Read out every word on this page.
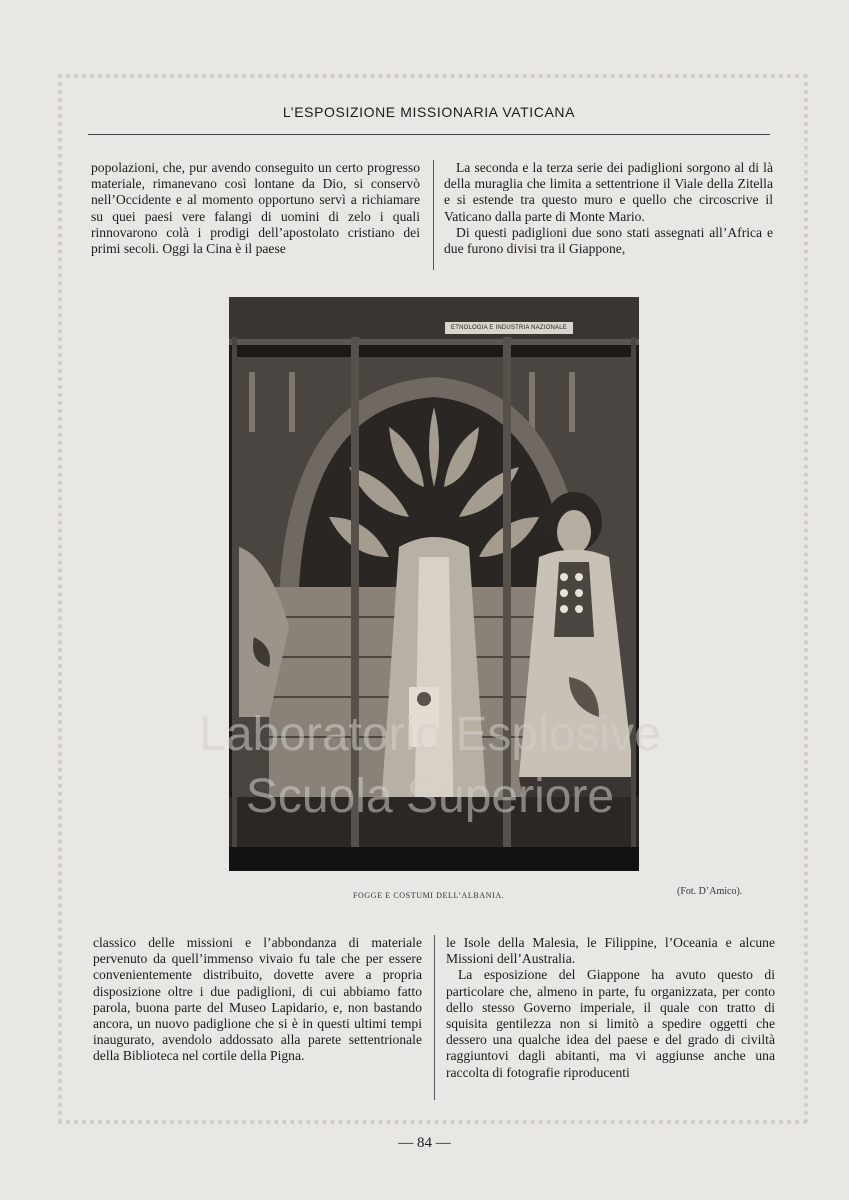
L’ESPOSIZIONE MISSIONARIA VATICANA

popolazioni, che, pur avendo conseguito un certo progresso materiale, rimanevano così lontane da Dio, si conservò nell’Occidente e al momento opportuno servì a richiamare su quei paesi vere falangi di uomini di zelo i quali rinnovarono colà i prodigi dell’apostolato cristiano dei primi secoli. Oggi la Cina è il paese

La seconda e la terza serie dei padiglioni sorgono al di là della muraglia che limita a settentrione il Viale della Zitella e si estende tra questo muro e quello che circoscrive il Vaticano dalla parte di Monte Mario.

Di questi padiglioni due sono stati assegnati all’Africa e due furono divisi tra il Giappone,

ETNOLOGIA E INDUSTRIA NAZIONALE
FOGGE E COSTUMI DELL’ALBANIA.	(Fot. D’Amico).
Laboratorio Esplosive
Scuola Superiore

classico delle missioni e l’abbondanza di materiale pervenuto da quell’immenso vivaio fu tale che per essere convenientemente distribuito, dovette avere a propria disposizione oltre i due padiglioni, di cui abbiamo fatto parola, buona parte del Museo Lapidario, e, non bastando ancora, un nuovo padiglione che si è in questi ultimi tempi inaugurato, avendolo addossato alla parete settentrionale della Biblioteca nel cortile della Pigna.

le Isole della Malesia, le Filippine, l’Oceania e alcune Missioni dell’Australia.

La esposizione del Giappone ha avuto questo di particolare che, almeno in parte, fu organizzata, per conto dello stesso Governo imperiale, il quale con tratto di squisita gentilezza non si limitò a spedire oggetti che dessero una qualche idea del paese e del grado di civiltà raggiuntovi dagli abitanti, ma vi aggiunse anche una raccolta di fotografie riproducenti

— 84 —
